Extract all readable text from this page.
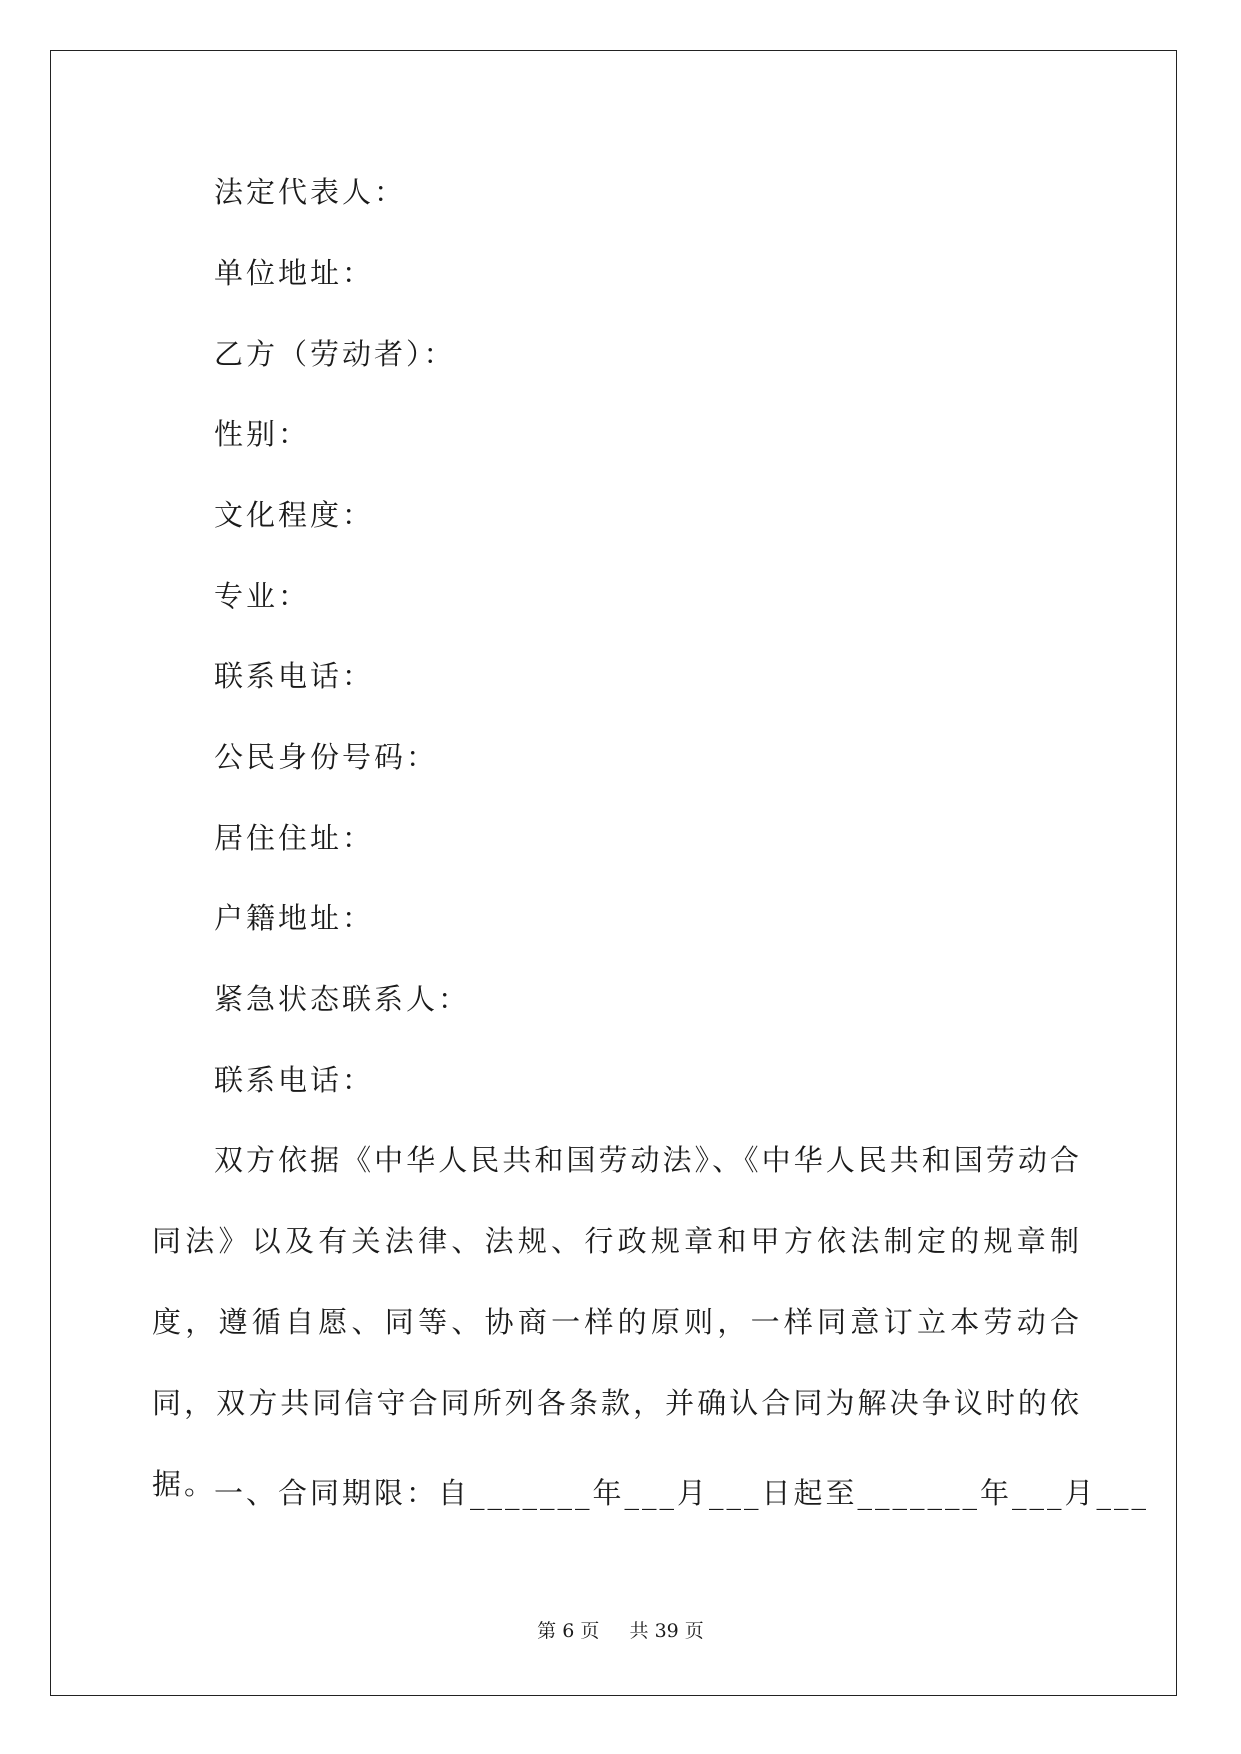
法定代表人：
单位地址：
乙方（劳动者）：
性别：
文化程度：
专业：
联系电话：
公民身份号码：
居住住址：
户籍地址：
紧急状态联系人：
联系电话：
双方依据《中华人民共和国劳动法》、《中华人民共和国劳动合同法》以及有关法律、法规、行政规章和甲方依法制定的规章制度，遵循自愿、同等、协商一样的原则，一样同意订立本劳动合同，双方共同信守合同所列各条款，并确认合同为解决争议时的依据。
一、合同期限：自_______年___月___日起至_______年___月___
第 6 页 共 39 页
